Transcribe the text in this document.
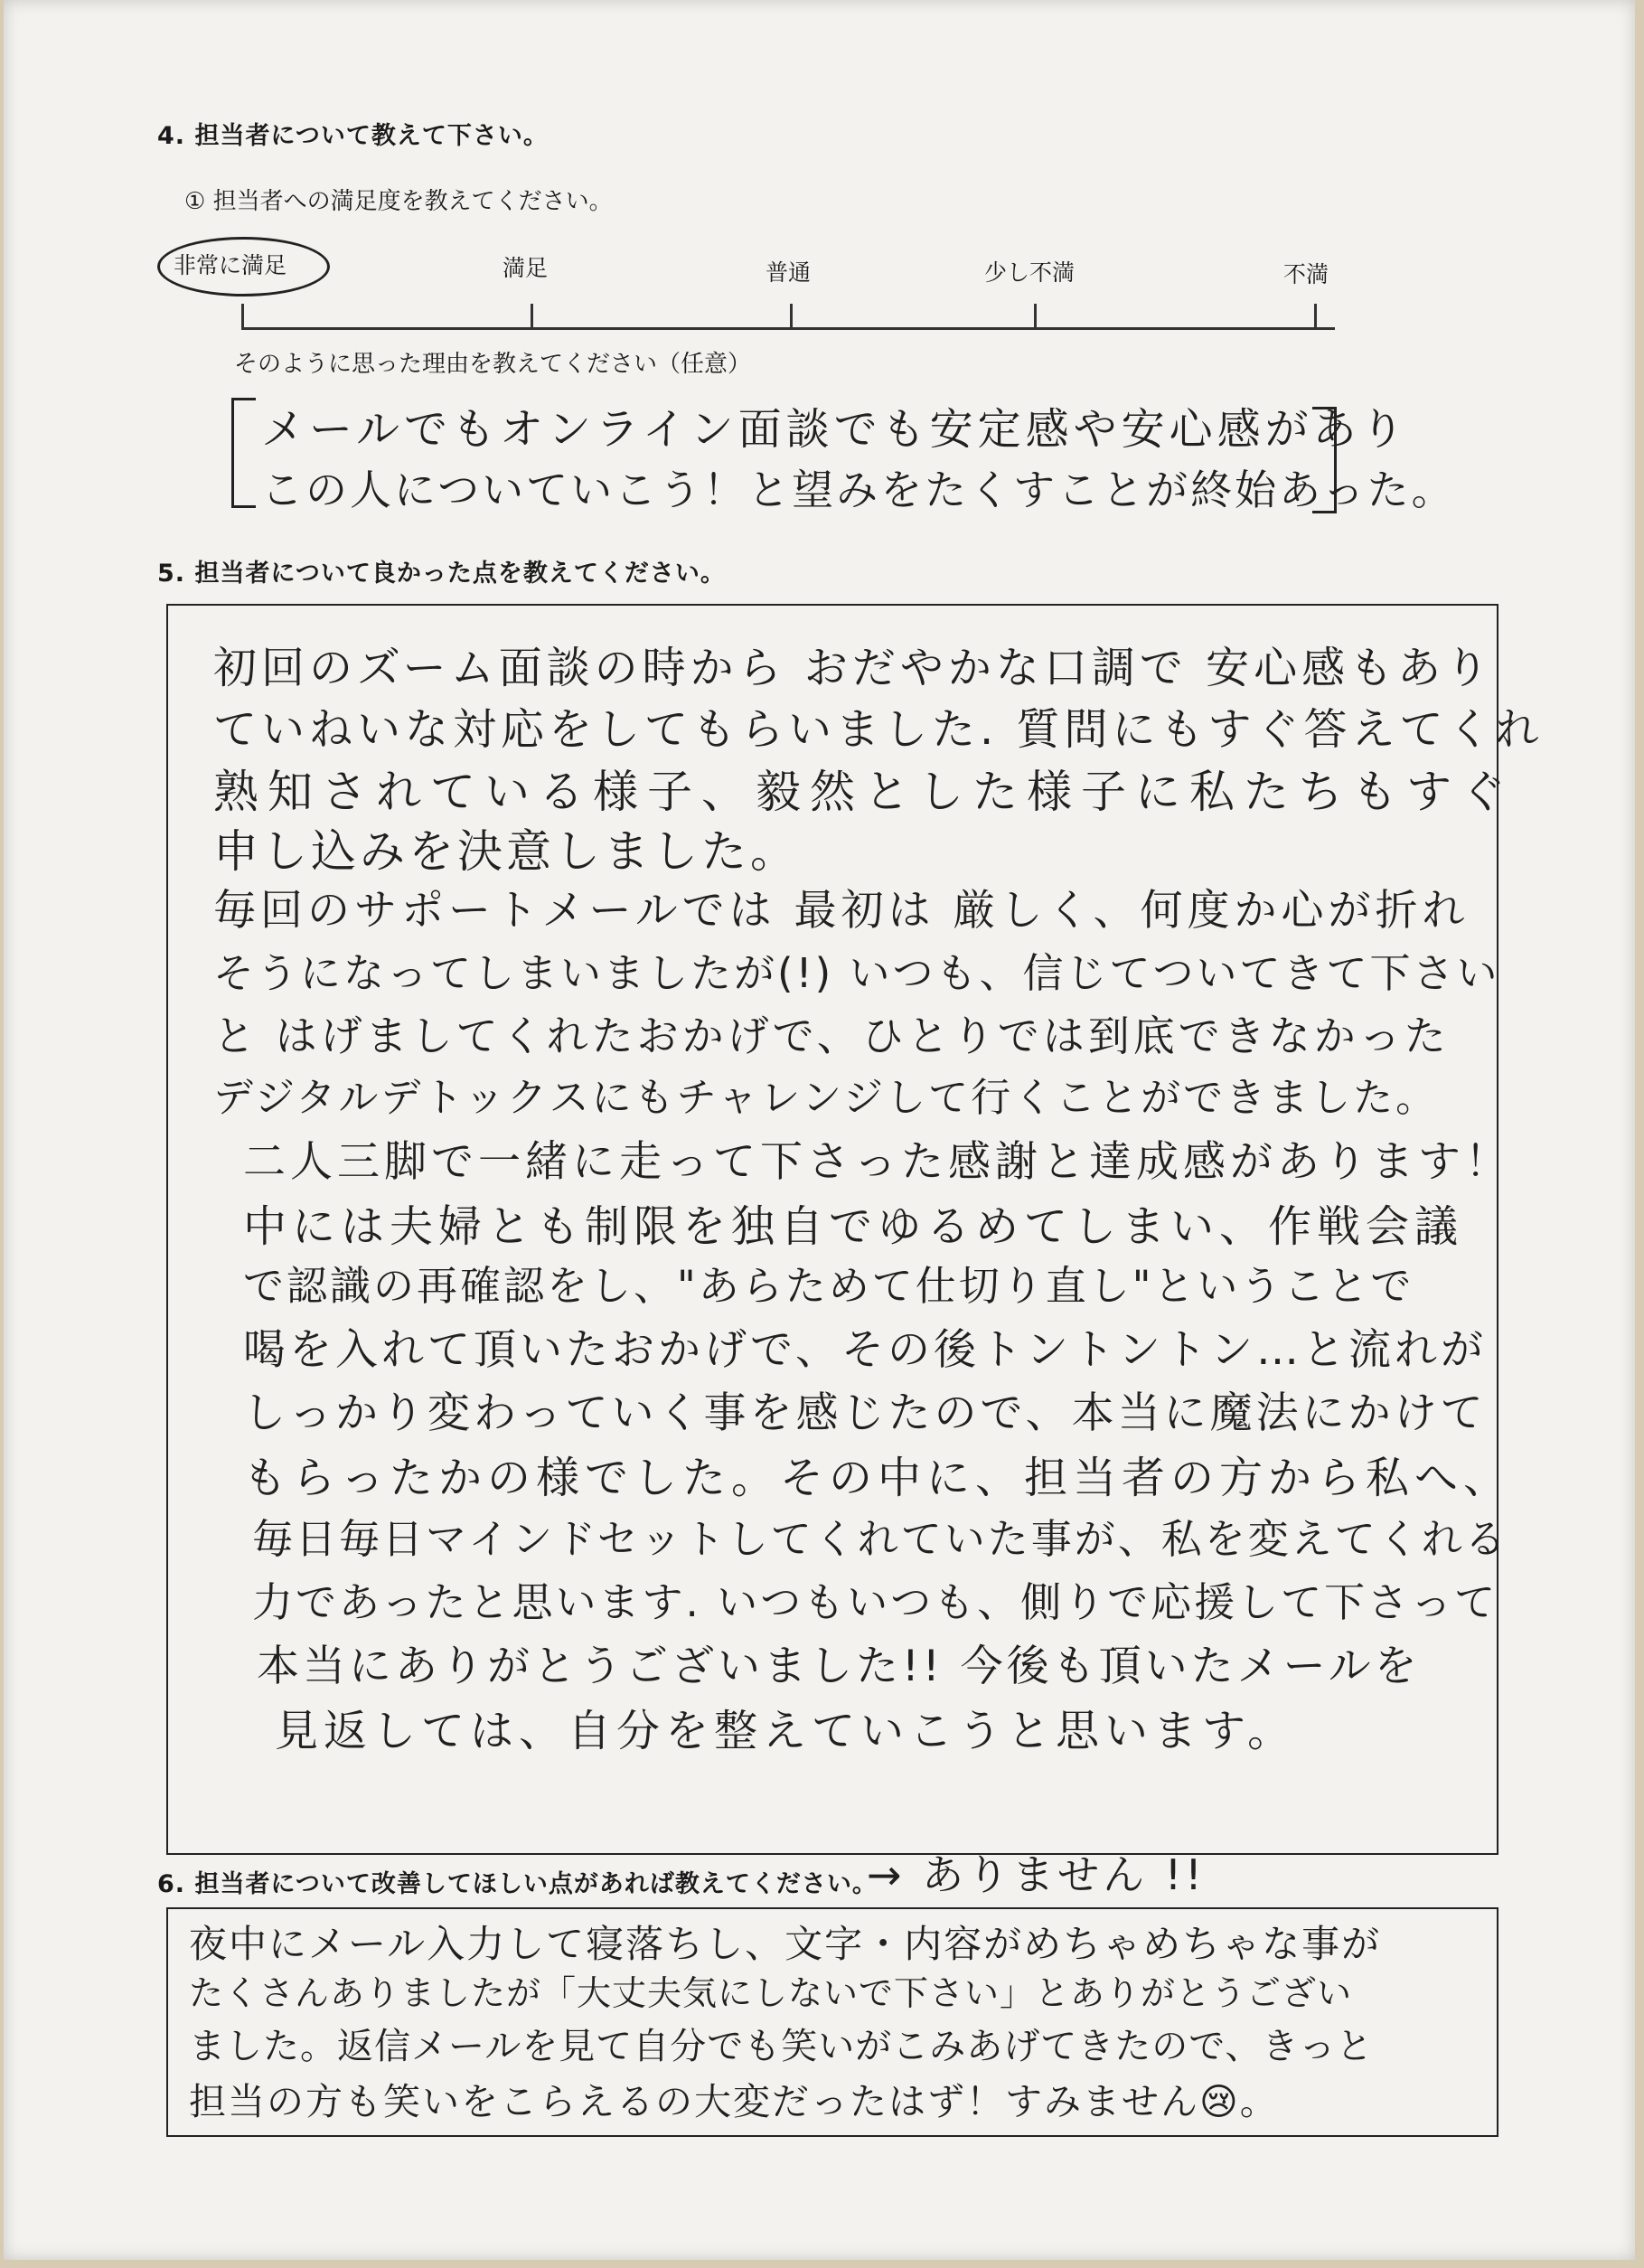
4. 担当者について教えて下さい。
① 担当者への満足度を教えてください。
非常に満足	満足	普通	少し不満	不満
そのように思った理由を教えてください（任意）
メールでもオンライン面談でも安定感や安心感があり
この人についていこう！と望みをたくすことが終始あった。
5. 担当者について良かった点を教えてください。
初回のズーム面談の時から おだやかな口調で 安心感もあり
ていねいな対応をしてもらいました. 質問にもすぐ答えてくれ
熟知されている様子、毅然とした様子に私たちもすぐ
申し込みを決意しました。
毎回のサポートメールでは 最初は 厳しく、何度か心が折れ
そうになってしまいましたが(!) いつも、信じてついてきて下さい
と はげましてくれたおかげで、ひとりでは到底できなかった
デジタルデトックスにもチャレンジして行くことができました。
二人三脚で一緒に走って下さった感謝と達成感があります！
中には夫婦とも制限を独自でゆるめてしまい、作戦会議
で認識の再確認をし、"あらためて仕切り直し"ということで
喝を入れて頂いたおかげで、その後トントントン…と流れが
しっかり変わっていく事を感じたので、本当に魔法にかけて
もらったかの様でした。その中に、担当者の方から私へ、
毎日毎日マインドセットしてくれていた事が、私を変えてくれる
力であったと思います. いつもいつも、側りで応援して下さって
本当にありがとうございました!! 今後も頂いたメールを
見返しては、自分を整えていこうと思います。
6. 担当者について改善してほしい点があれば教えてください。
→ ありません !!
夜中にメール入力して寝落ちし、文字・内容がめちゃめちゃな事が
たくさんありましたが「大丈夫気にしないで下さい」とありがとうござい
ました。返信メールを見て自分でも笑いがこみあげてきたので、きっと
担当の方も笑いをこらえるの大変だったはず！すみません😢。
